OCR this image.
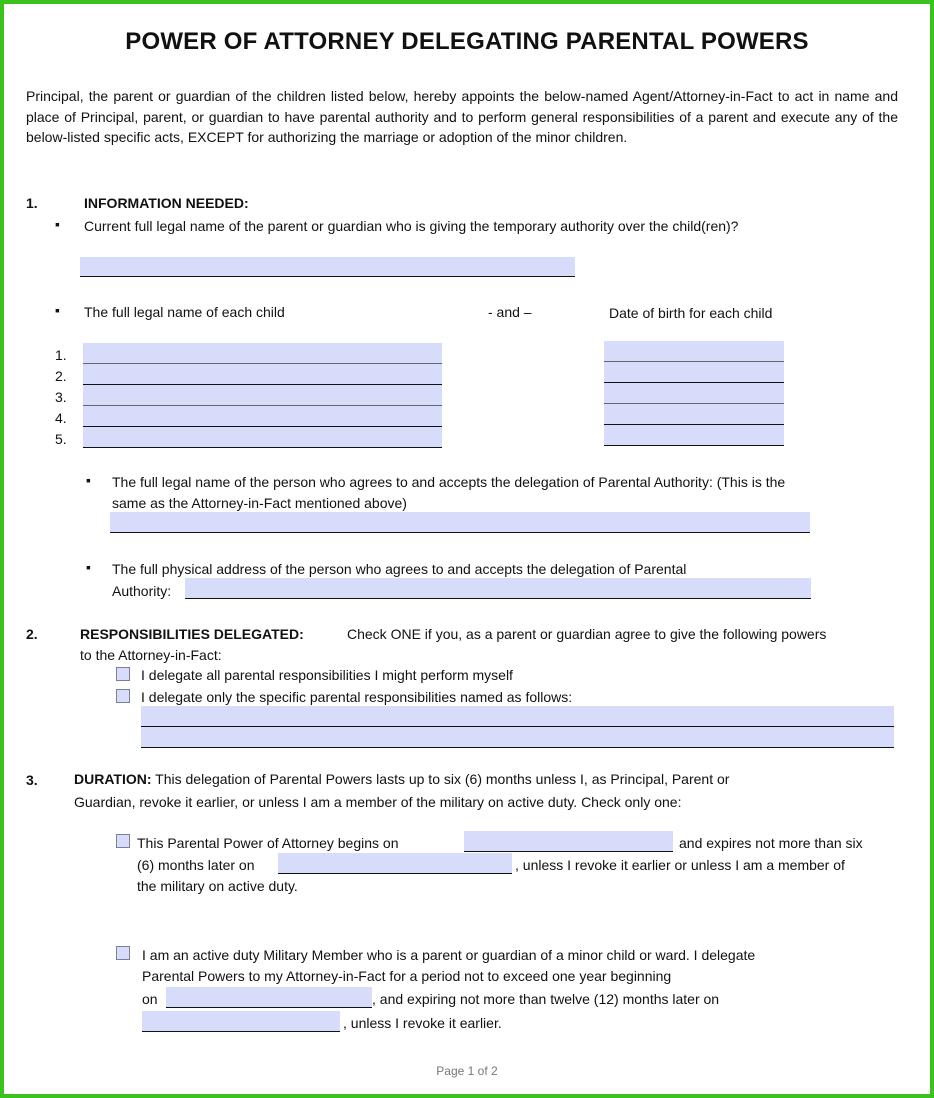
POWER OF ATTORNEY DELEGATING PARENTAL POWERS
Principal, the parent or guardian of the children listed below, hereby appoints the below-named Agent/Attorney-in-Fact to act in name and place of Principal, parent, or guardian to have parental authority and to perform general responsibilities of a parent and execute any of the below-listed specific acts, EXCEPT for authorizing the marriage or adoption of the minor children.
1.	INFORMATION NEEDED:
▪ Current full legal name of the parent or guardian who is giving the temporary authority over the child(ren)?
▪ The full legal name of each child	- and –	Date of birth for each child
1.
2.
3.
4.
5.
▪ The full legal name of the person who agrees to and accepts the delegation of Parental Authority: (This is the
same as the Attorney-in-Fact mentioned above)
▪ The full physical address of the person who agrees to and accepts the delegation of Parental
Authority:
2.	RESPONSIBILITIES DELEGATED:	Check ONE if you, as a parent or guardian agree to give the following powers
to the Attorney-in-Fact:
I delegate all parental responsibilities I might perform myself
I delegate only the specific parental responsibilities named as follows:
3.	DURATION: This delegation of Parental Powers lasts up to six (6) months unless I, as Principal, Parent or
Guardian, revoke it earlier, or unless I am a member of the military on active duty. Check only one:
This Parental Power of Attorney begins on	and expires not more than six
(6) months later on	, unless I revoke it earlier or unless I am a member of
the military on active duty.
I am an active duty Military Member who is a parent or guardian of a minor child or ward. I delegate
Parental Powers to my Attorney-in-Fact for a period not to exceed one year beginning
on	, and expiring not more than twelve (12) months later on
, unless I revoke it earlier.
Page 1 of 2
